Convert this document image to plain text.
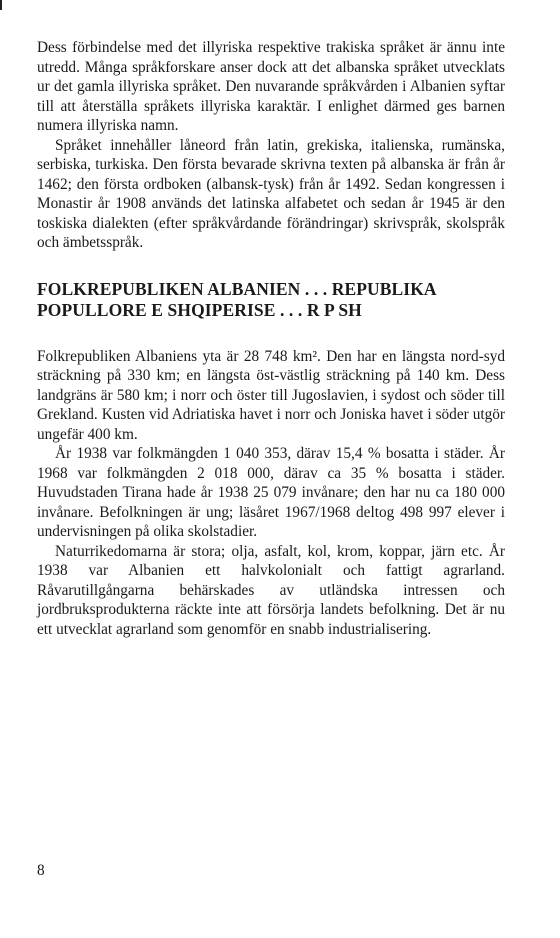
Dess förbindelse med det illyriska respektive trakiska språket är ännu inte utredd. Många språkforskare anser dock att det albanska språket utvecklats ur det gamla illyriska språket. Den nuvarande språkvården i Albanien syftar till att återställa språkets illyriska karaktär. I enlighet därmed ges barnen numera illyriska namn.

Språket innehåller låneord från latin, grekiska, italienska, rumänska, serbiska, turkiska. Den första bevarade skrivna texten på albanska är från år 1462; den första ordboken (albansk-tysk) från år 1492. Sedan kongressen i Monastir år 1908 används det latinska alfabetet och sedan år 1945 är den toskiska dialekten (efter språkvårdande förändringar) skrivspråk, skolspråk och ämbetsspråk.

FOLKREPUBLIKEN ALBANIEN . . . REPUBLIKA
POPULLORE E SHQIPERISE . . . R P SH

Folkrepubliken Albaniens yta är 28 748 km². Den har en längsta nord-syd sträckning på 330 km; en längsta öst-västlig sträckning på 140 km. Dess landgräns är 580 km; i norr och öster till Jugoslavien, i sydost och söder till Grekland. Kusten vid Adriatiska havet i norr och Joniska havet i söder utgör ungefär 400 km.

År 1938 var folkmängden 1 040 353, därav 15,4 % bosatta i städer. År 1968 var folkmängden 2 018 000, därav ca 35 % bosatta i städer. Huvudstaden Tirana hade år 1938 25 079 invånare; den har nu ca 180 000 invånare. Befolkningen är ung; läsåret 1967/1968 deltog 498 997 elever i undervisningen på olika skolstadier.

Naturrikedomarna är stora; olja, asfalt, kol, krom, koppar, järn etc. År 1938 var Albanien ett halvkolonialt och fattigt agrarland. Råvarutillgångarna behärskades av utländska intressen och jordbruksprodukterna räckte inte att försörja landets befolkning. Det är nu ett utvecklat agrarland som genomför en snabb industrialisering.

8
